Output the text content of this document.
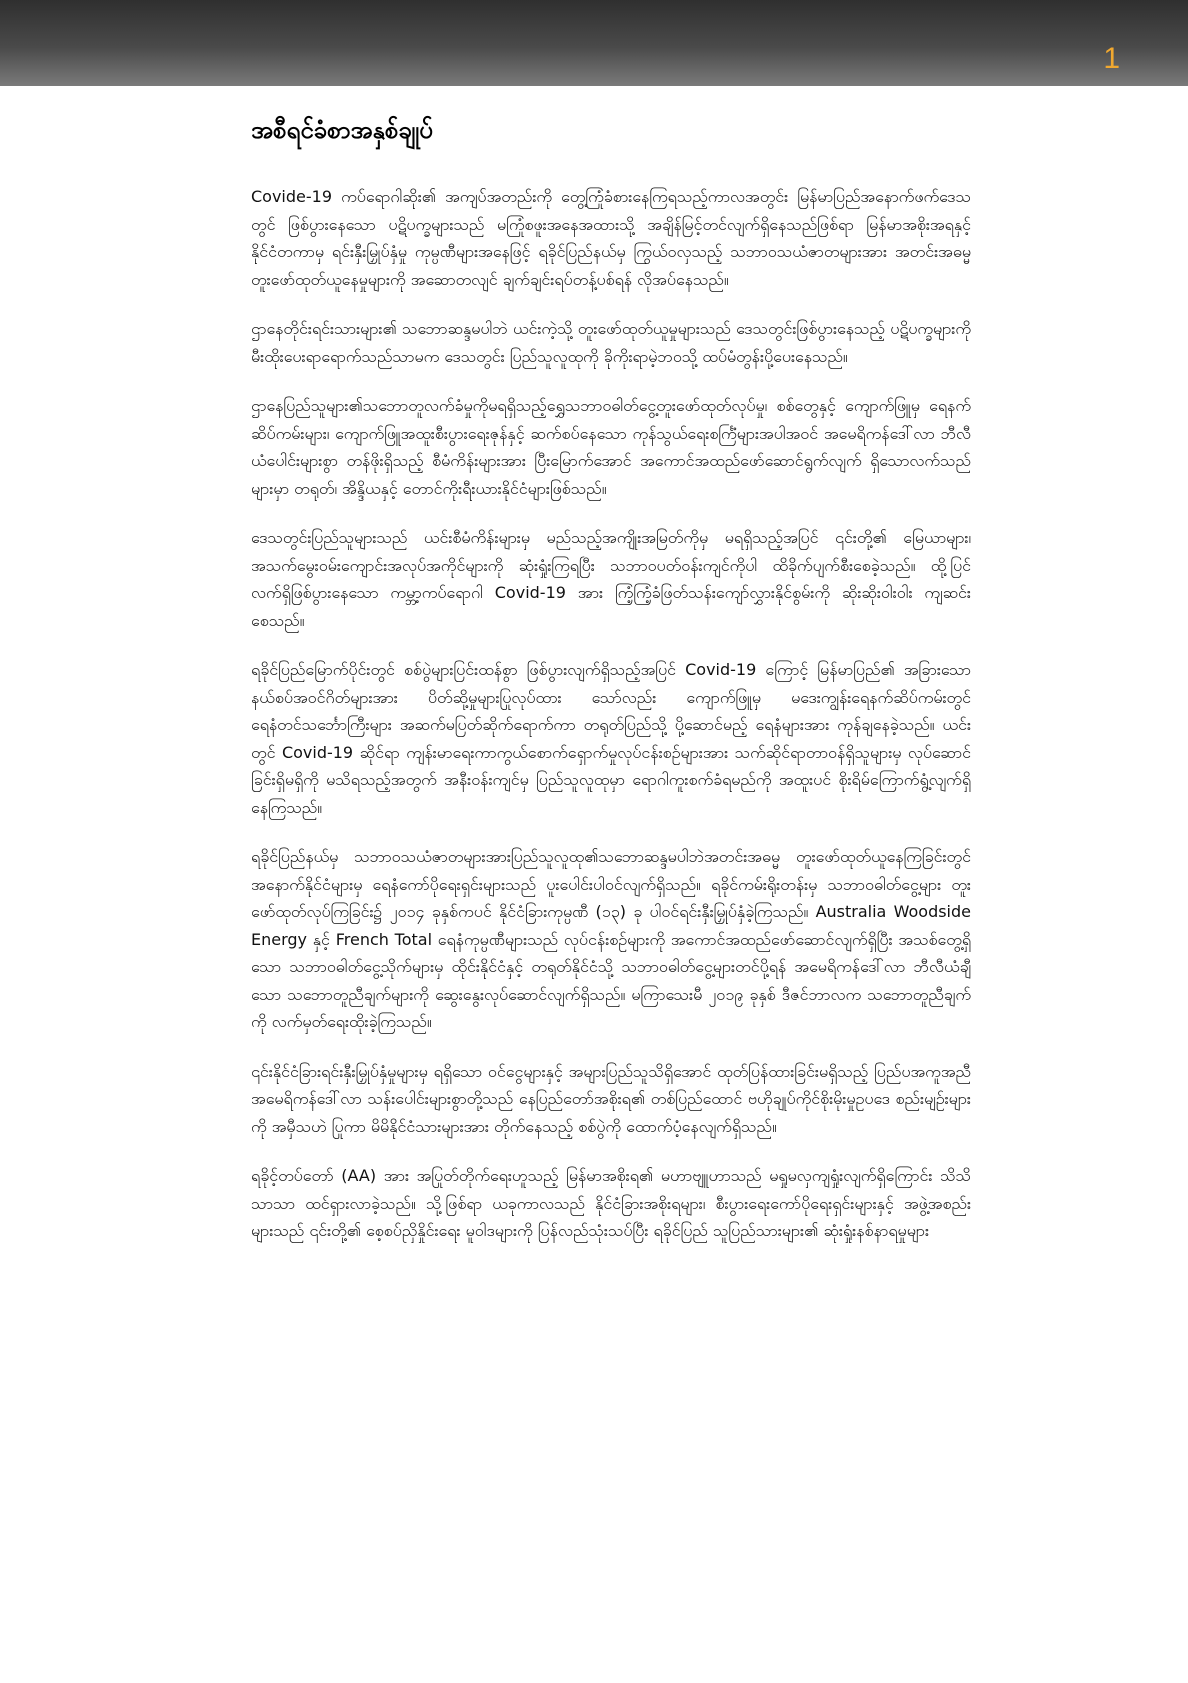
1
အစီရင်ခံစာအနှစ်ချုပ်

Covide-19 ကပ်ရောဂါဆိုး၏ အကျပ်အတည်းကို တွေ့ကြုံခံစားနေကြရသည့်ကာလအတွင်း မြန်မာပြည်အနောက်ဖက်ဒေသတွင် ဖြစ်ပွားနေသော ပဋိပက္ခများသည် မကြုံစဖူးအနေအထားသို့ အချိန်မြင့်တင်လျက်ရှိနေသည်ဖြစ်ရာ မြန်မာအစိုးအရနှင့် နိုင်ငံတကာမှ ရင်းနှီးမြှုပ်နှံမှု ကုမ္ပဏီများအနေဖြင့် ရခိုင်ပြည်နယ်မှ ကြွယ်ဝလှသည့် သဘာဝသယံဇာတများအား အတင်းအဓမ္မ တူးဖော်ထုတ်ယူနေမှုများကို အဆောတလျင် ချက်ချင်းရပ်တန့်ပစ်ရန် လိုအပ်နေသည်။

ဌာနေတိုင်းရင်းသားများ၏ သဘောဆန္ဒမပါဘဲ ယင်းကဲ့သို့ တူးဖော်ထုတ်ယူမှုများသည် ဒေသတွင်းဖြစ်ပွားနေသည့် ပဋိပက္ခများကို မီးထိုးပေးရာရောက်သည်သာမက ဒေသတွင်း ပြည်သူလူထုကို ခိုကိုးရာမဲ့ဘဝသို့ ထပ်မံတွန်းပို့ပေးနေသည်။

ဌာနေပြည်သူများ၏သဘောတူလက်ခံမှုကိုမရရှိသည့်ရွှေသဘာဝဓါတ်ငွေ့တူးဖော်ထုတ်လုပ်မှု၊ စစ်တွေနှင့် ကျောက်ဖြူမှ ရေနက်ဆိပ်ကမ်းများ၊ ကျောက်ဖြူအထူးစီးပွားရေးဇုန်နှင့် ဆက်စပ်နေသော ကုန်သွယ်ရေးစင်္ကြံများအပါအဝင် အမေရိကန်ဒေါ်လာ ဘီလီယံပေါင်းများစွာ တန်ဖိုးရှိသည့် စီမံကိန်းများအား ပြီးမြောက်အောင် အကောင်အထည်ဖော်ဆောင်ရွက်လျက် ရှိသောလက်သည်များမှာ တရုတ်၊ အိန္ဒိယနှင့် တောင်ကိုးရီးယားနိုင်ငံများဖြစ်သည်။

ဒေသတွင်းပြည်သူများသည် ယင်းစီမံကိန်းများမှ မည်သည့်အကျိုးအမြတ်ကိုမှ မရရှိသည့်အပြင် ၎င်းတို့၏ မြေယာများ၊ အသက်မွေးဝမ်းကျောင်းအလုပ်အကိုင်များကို ဆုံးရှုံးကြရပြီး သဘာဝပတ်ဝန်းကျင်ကိုပါ ထိခိုက်ပျက်စီးစေခဲ့သည်။ ထို့ပြင် လက်ရှိဖြစ်ပွားနေသော ကမ္ဘာ့ကပ်ရောဂါ Covid-19 အား ကြံ့ကြံ့ခံဖြတ်သန်းကျော်လွှားနိုင်စွမ်းကို ဆိုးဆိုးဝါးဝါး ကျဆင်းစေသည်။

ရခိုင်ပြည်မြောက်ပိုင်းတွင် စစ်ပွဲများပြင်းထန်စွာ ဖြစ်ပွားလျက်ရှိသည့်အပြင် Covid-19 ကြောင့် မြန်မာပြည်၏ အခြားသော နယ်စပ်အဝင်ဂိတ်များအား ပိတ်ဆို့မှုများပြုလုပ်ထား သော်လည်း ကျောက်ဖြူမှ မဒေးကျွန်းရေနက်ဆိပ်ကမ်းတွင် ရေနံတင်သင်္ဘောကြီးများ အဆက်မပြတ်ဆိုက်ရောက်ကာ တရုတ်ပြည်သို့ ပို့ဆောင်မည့် ရေနံများအား ကုန်ချနေခဲ့သည်။ ယင်းတွင် Covid-19 ဆိုင်ရာ ကျန်းမာရေးကာကွယ်စောက်ရှောက်မှုလုပ်ငန်းစဉ်များအား သက်ဆိုင်ရာတာဝန်ရှိသူများမှ လုပ်ဆောင်ခြင်းရှိမရှိကို မသိရသည့်အတွက် အနီးဝန်းကျင်မှ ပြည်သူလူထုမှာ ရောဂါကူးစက်ခံရမည်ကို အထူးပင် စိုးရိမ်ကြောက်ရွံ့လျက်ရှိနေကြသည်။

ရခိုင်ပြည်နယ်မှ သဘာဝသယံဇာတများအားပြည်သူလူထု၏သဘောဆန္ဒမပါဘဲအတင်းအဓမ္မ တူးဖော်ထုတ်ယူနေကြခြင်းတွင် အနောက်နိုင်ငံများမှ ရေနံကော်ပိုရေးရှင်းများသည် ပူးပေါင်းပါဝင်လျက်ရှိသည်။ ရခိုင်ကမ်းရိုးတန်းမှ သဘာဝဓါတ်ငွေ့များ တူးဖော်ထုတ်လုပ်ကြခြင်း၌ ၂၀၁၄ ခုနှစ်ကပင် နိုင်ငံခြားကုမ္ပဏီ (၁၃) ခု ပါဝင်ရင်းနှီးမြှုပ်နှံခဲ့ကြသည်။ Australia Woodside Energy နှင့် French Total ရေနံကုမ္ပဏီများသည် လုပ်ငန်းစဉ်များကို အကောင်အထည်ဖော်ဆောင်လျက်ရှိပြီး အသစ်တွေ့ရှိသော သဘာဝဓါတ်ငွေ့သိုက်များမှ ထိုင်းနိုင်ငံနှင့် တရုတ်နိုင်ငံသို့ သဘာဝဓါတ်ငွေ့များတင်ပို့ရန် အမေရိကန်ဒေါ်လာ ဘီလီယံချီသော သဘောတူညီချက်များကို ဆွေးနွေးလုပ်ဆောင်လျက်ရှိသည်။ မကြာသေးမီ ၂၀၁၉ ခုနှစ် ဒီဇင်ဘာလက သဘောတူညီချက်ကို လက်မှတ်ရေးထိုးခဲ့ကြသည်။

၎င်းနိုင်ငံခြားရင်းနှီးမြှုပ်နှံမှုများမှ ရရှိသော ဝင်ငွေများနှင့် အများပြည်သူသိရှိအောင် ထုတ်ပြန်ထားခြင်းမရှိသည့် ပြည်ပအကူအညီ အမေရိကန်ဒေါ်လာ သန်းပေါင်းများစွာတို့သည် နေပြည်တော်အစိုးရ၏ တစ်ပြည်ထောင် ဗဟိုချုပ်ကိုင်စိုးမိုးမှုဥပဒေ စည်းမျဉ်းများကို အမှီသဟဲ ပြုကာ မိမိနိုင်ငံသားများအား တိုက်နေသည့် စစ်ပွဲကို ထောက်ပံ့နေလျက်ရှိသည်။

ရခိုင့်တပ်တော် (AA) အား အပြုတ်တိုက်ရေးဟူသည့် မြန်မာအစိုးရ၏ မဟာဗျူဟာသည် မရှုမလှကျရှုံးလျက်ရှိကြောင်း သိသိသာသာ ထင်ရှားလာခဲ့သည်။ သို့ဖြစ်ရာ ယခုကာလသည် နိုင်ငံခြားအစိုးရများ၊ စီးပွားရေးကော်ပိုရေးရှင်းများနှင့် အဖွဲ့အစည်းများသည် ၎င်းတို့၏ စေ့စပ်ညှိနှိုင်းရေး မူဝါဒများကို ပြန်လည်သုံးသပ်ပြီး ရခိုင်ပြည် သူပြည်သားများ၏ ဆုံးရှုံးနစ်နာရမှုများ
